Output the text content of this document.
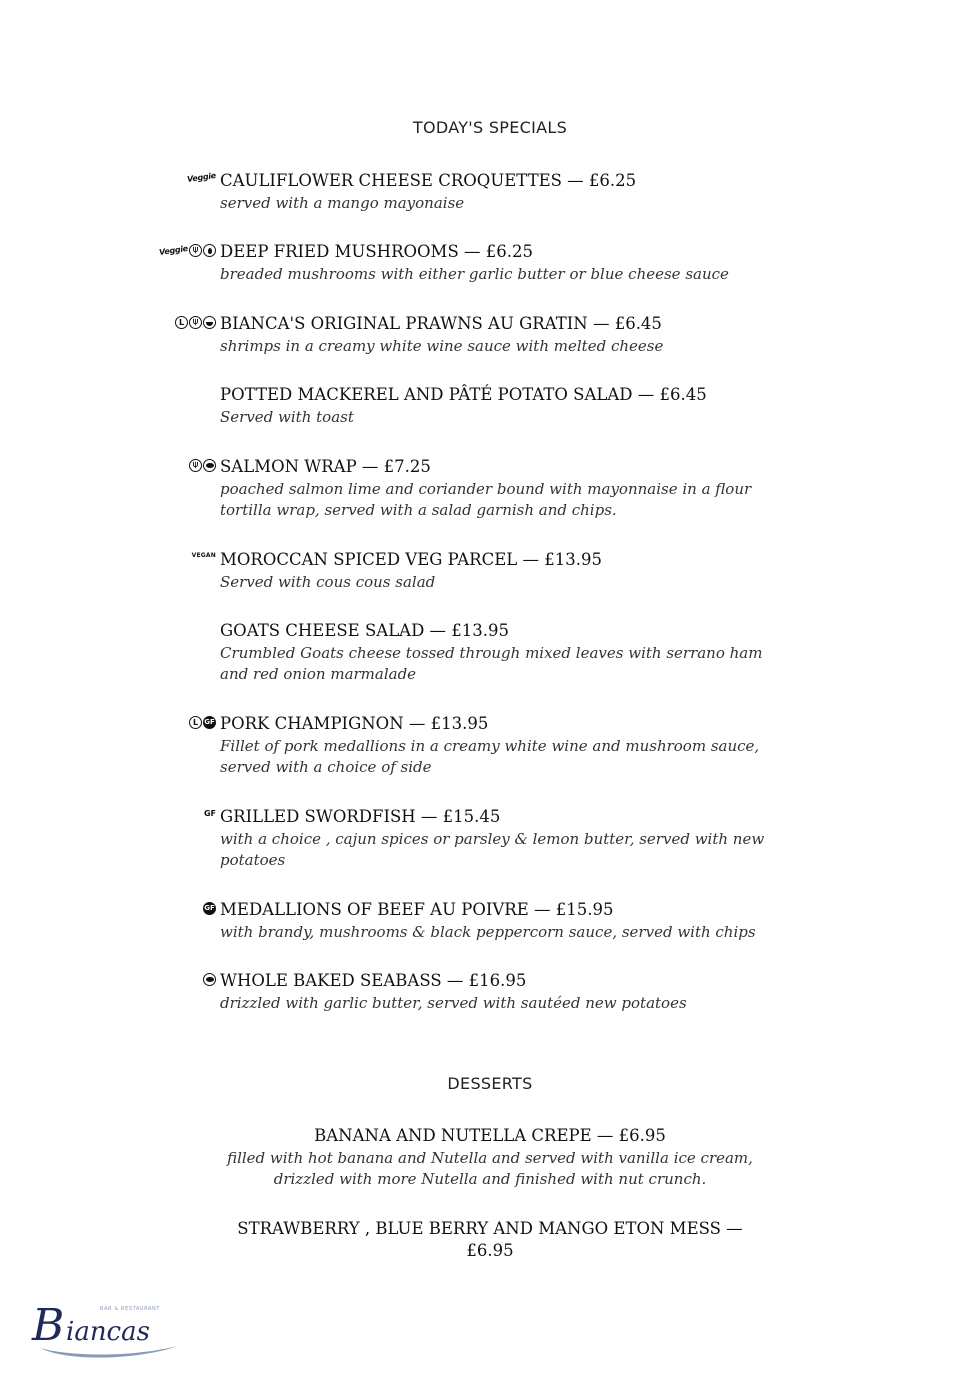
TODAY'S SPECIALS
Veggie CAULIFLOWER CHEESE CROQUETTES — £6.25
served with a mango mayonaise
Veggie ⍦ DEEP FRIED MUSHROOMS — £6.25
breaded mushrooms with either garlic butter or blue cheese sauce
L ⍦ BIANCA'S ORIGINAL PRAWNS AU GRATIN — £6.45
shrimps in a creamy white wine sauce with melted cheese
POTTED MACKEREL AND PÂTÉ POTATO SALAD — £6.45
Served with toast
⍦ SALMON WRAP — £7.25
poached salmon lime and coriander bound with mayonnaise in a flour tortilla wrap, served with a salad garnish and chips.
VEGAN MOROCCAN SPICED VEG PARCEL — £13.95
Served with cous cous salad
GOATS CHEESE SALAD — £13.95
Crumbled Goats cheese tossed through mixed leaves with serrano ham and red onion marmalade
L GF PORK CHAMPIGNON — £13.95
Fillet of pork medallions in a creamy white wine and mushroom sauce, served with a choice of side
GF GRILLED SWORDFISH — £15.45
with a choice , cajun spices or parsley & lemon butter, served with new potatoes
GF MEDALLIONS OF BEEF AU POIVRE — £15.95
with brandy, mushrooms & black peppercorn sauce, served with chips
WHOLE BAKED SEABASS — £16.95
drizzled with garlic butter, served with sautéed new potatoes
DESSERTS
BANANA AND NUTELLA CREPE — £6.95
filled with hot banana and Nutella and served with vanilla ice cream, drizzled with more Nutella and finished with nut crunch.
STRAWBERRY , BLUE BERRY AND MANGO ETON MESS — £6.95
B iancas
BAR & RESTAURANT
